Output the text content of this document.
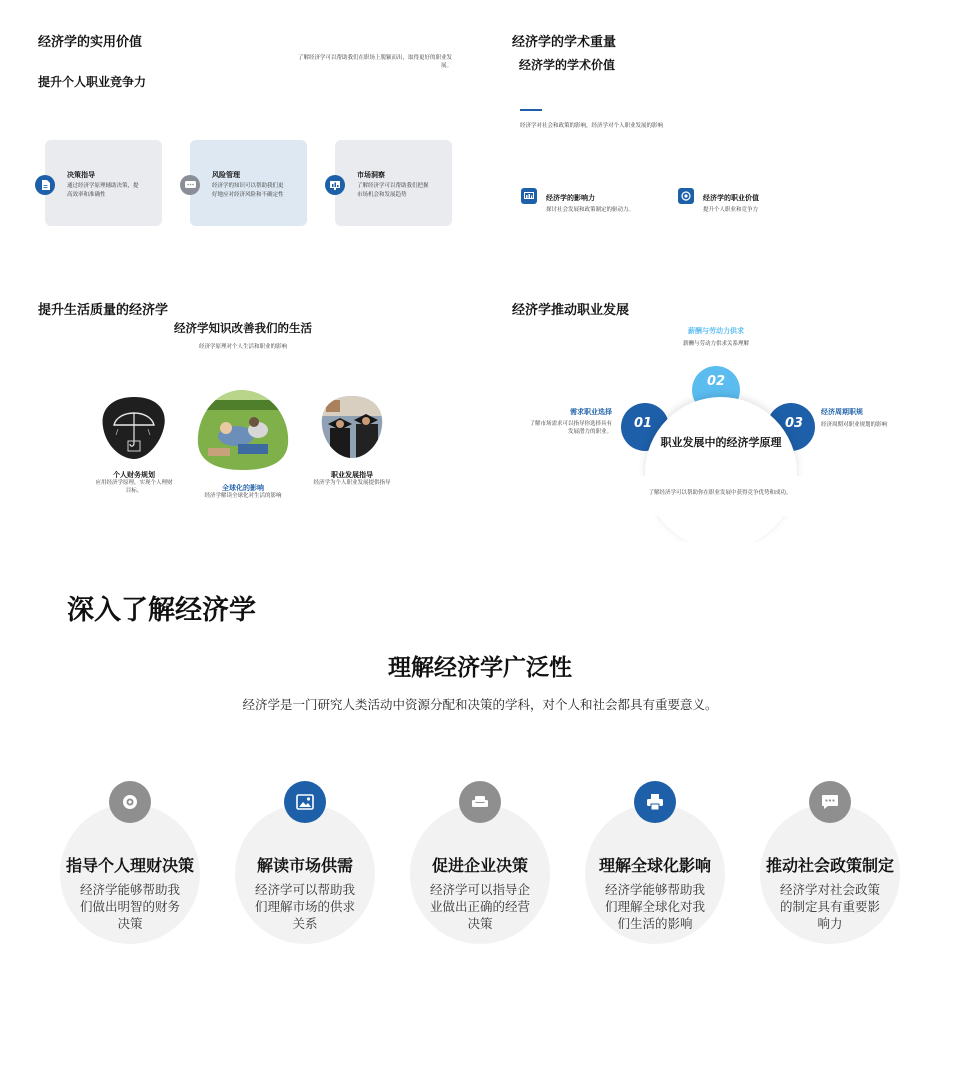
经济学的实用价值
提升个人职业竞争力
了解经济学可以帮助我们在职场上脱颖而出，取得更好的职业发展。
决策指导
通过经济学原理辅助决策，提高效率和准确性
风险管理
经济学的知识可以帮助我们更好地应对经济风险和不确定性
市场洞察
了解经济学可以帮助我们把握市场机会和发展趋势
经济学的学术重量
经济学的学术价值
经济学对社会和政策的影响，经济学对个人职业发展的影响
经济学的影响力
探讨社会发展和政策制定的驱动力。
经济学的职业价值
提升个人职业和竞争力
提升生活质量的经济学
经济学知识改善我们的生活
经济学原理对个人生活和职业的影响
个人财务规划
应用经济学原理，实现个人理财目标。	全球化的影响
经济学解读全球化对生活的影响
职业发展指导
经济学为个人职业发展提供指导
经济学推动职业发展
薪酬与劳动力供求
薪酬与劳动力供求关系理解
02
01	03
职业发展中的经济学原理
需求职业选择
了解市场需求可以指导你选择具有发展潜力的职业。
经济周期职规
经济周期对职业规划的影响
了解经济学可以帮助你在职业发展中获得竞争优势和成功。
深入了解经济学
理解经济学广泛性
经济学是一门研究人类活动中资源分配和决策的学科，对个人和社会都具有重要意义。
指导个人理财决策
经济学能够帮助我们做出明智的财务决策
解读市场供需
经济学可以帮助我们理解市场的供求关系
促进企业决策
经济学可以指导企业做出正确的经营决策
理解全球化影响
经济学能够帮助我们理解全球化对我们生活的影响
推动社会政策制定
经济学对社会政策的制定具有重要影响力
